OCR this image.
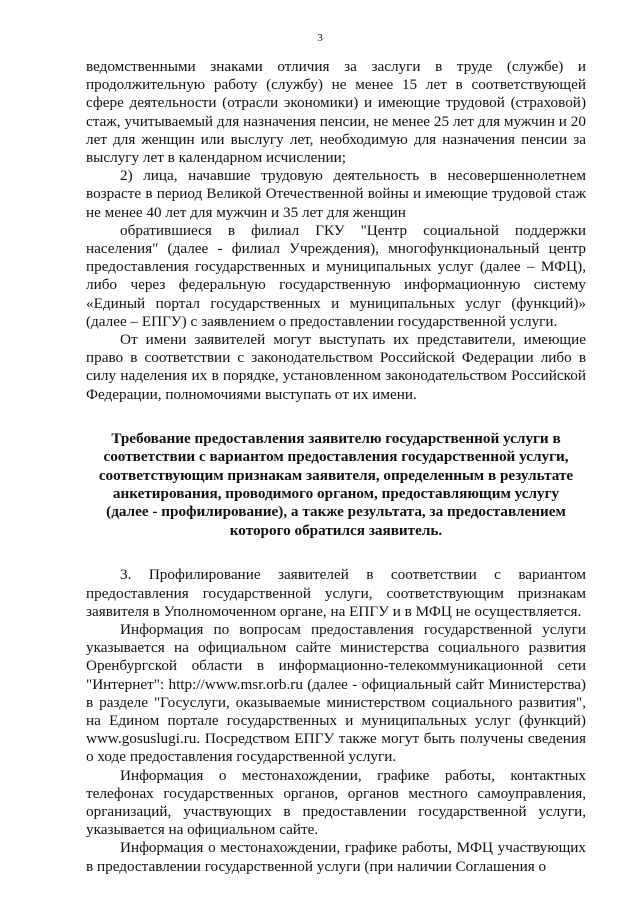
3

ведомственными знаками отличия за заслуги в труде (службе) и продолжительную работу (службу) не менее 15 лет в соответствующей сфере деятельности (отрасли экономики) и имеющие трудовой (страховой) стаж, учитываемый для назначения пенсии, не менее 25 лет для мужчин и 20 лет для женщин или выслугу лет, необходимую для назначения пенсии за выслугу лет в календарном исчислении;

2) лица, начавшие трудовую деятельность в несовершеннолетнем возрасте в период Великой Отечественной войны и имеющие трудовой стаж не менее 40 лет для мужчин и 35 лет для женщин

обратившиеся в филиал ГКУ "Центр социальной поддержки населения" (далее - филиал Учреждения), многофункциональный центр предоставления государственных и муниципальных услуг (далее – МФЦ), либо через федеральную государственную информационную систему «Единый портал государственных и муниципальных услуг (функций)» (далее – ЕПГУ) с заявлением о предоставлении государственной услуги.

От имени заявителей могут выступать их представители, имеющие право в соответствии с законодательством Российской Федерации либо в силу наделения их в порядке, установленном законодательством Российской Федерации, полномочиями выступать от их имени.

Требование предоставления заявителю государственной услуги в соответствии с вариантом предоставления государственной услуги, соответствующим признакам заявителя, определенным в результате анкетирования, проводимого органом, предоставляющим услугу (далее - профилирование), а также результата, за предоставлением которого обратился заявитель.

3. Профилирование заявителей в соответствии с вариантом предоставления государственной услуги, соответствующим признакам заявителя в Уполномоченном органе, на ЕПГУ и в МФЦ не осуществляется.

Информация по вопросам предоставления государственной услуги указывается на официальном сайте министерства социального развития Оренбургской области в информационно-телекоммуникационной сети "Интернет": http://www.msr.orb.ru (далее - официальный сайт Министерства) в разделе "Госуслуги, оказываемые министерством социального развития", на Едином портале государственных и муниципальных услуг (функций) www.gosuslugi.ru. Посредством ЕПГУ также могут быть получены сведения о ходе предоставления государственной услуги.

Информация о местонахождении, графике работы, контактных телефонах государственных органов, органов местного самоуправления, организаций, участвующих в предоставлении государственной услуги, указывается на официальном сайте.

Информация о местонахождении, графике работы, МФЦ участвующих в предоставлении государственной услуги (при наличии Соглашения о
